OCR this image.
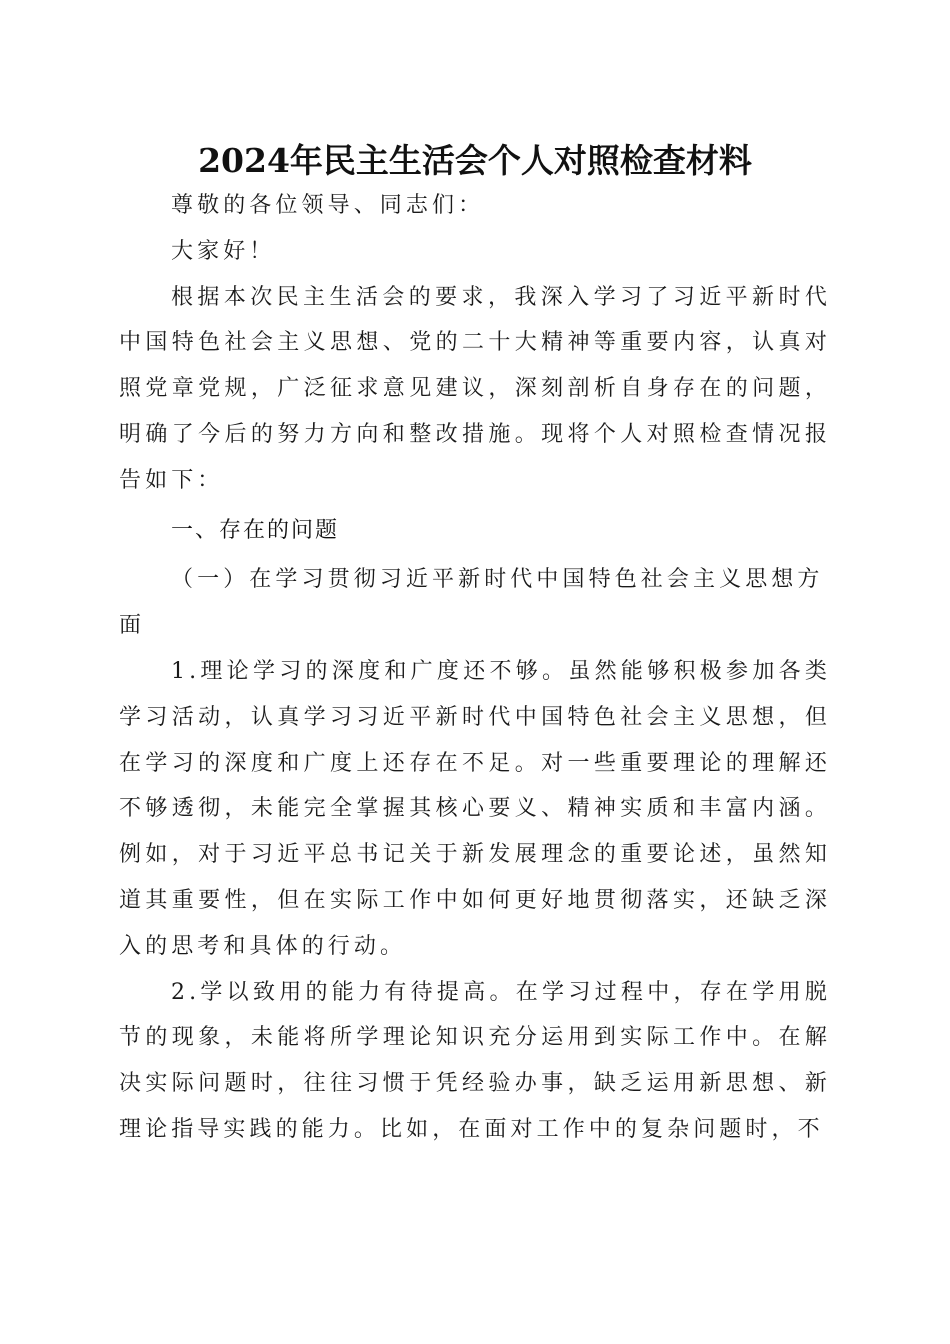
2024年民主生活会个人对照检查材料

尊敬的各位领导、同志们：

大家好！

根据本次民主生活会的要求，我深入学习了习近平新时代中国特色社会主义思想、党的二十大精神等重要内容，认真对照党章党规，广泛征求意见建议，深刻剖析自身存在的问题，明确了今后的努力方向和整改措施。现将个人对照检查情况报告如下：

一、存在的问题

（一）在学习贯彻习近平新时代中国特色社会主义思想方面

1.理论学习的深度和广度还不够。虽然能够积极参加各类学习活动，认真学习习近平新时代中国特色社会主义思想，但在学习的深度和广度上还存在不足。对一些重要理论的理解还不够透彻，未能完全掌握其核心要义、精神实质和丰富内涵。例如，对于习近平总书记关于新发展理念的重要论述，虽然知道其重要性，但在实际工作中如何更好地贯彻落实，还缺乏深入的思考和具体的行动。

2.学以致用的能力有待提高。在学习过程中，存在学用脱节的现象，未能将所学理论知识充分运用到实际工作中。在解决实际问题时，往往习惯于凭经验办事，缺乏运用新思想、新理论指导实践的能力。比如，在面对工作中的复杂问题时，不
